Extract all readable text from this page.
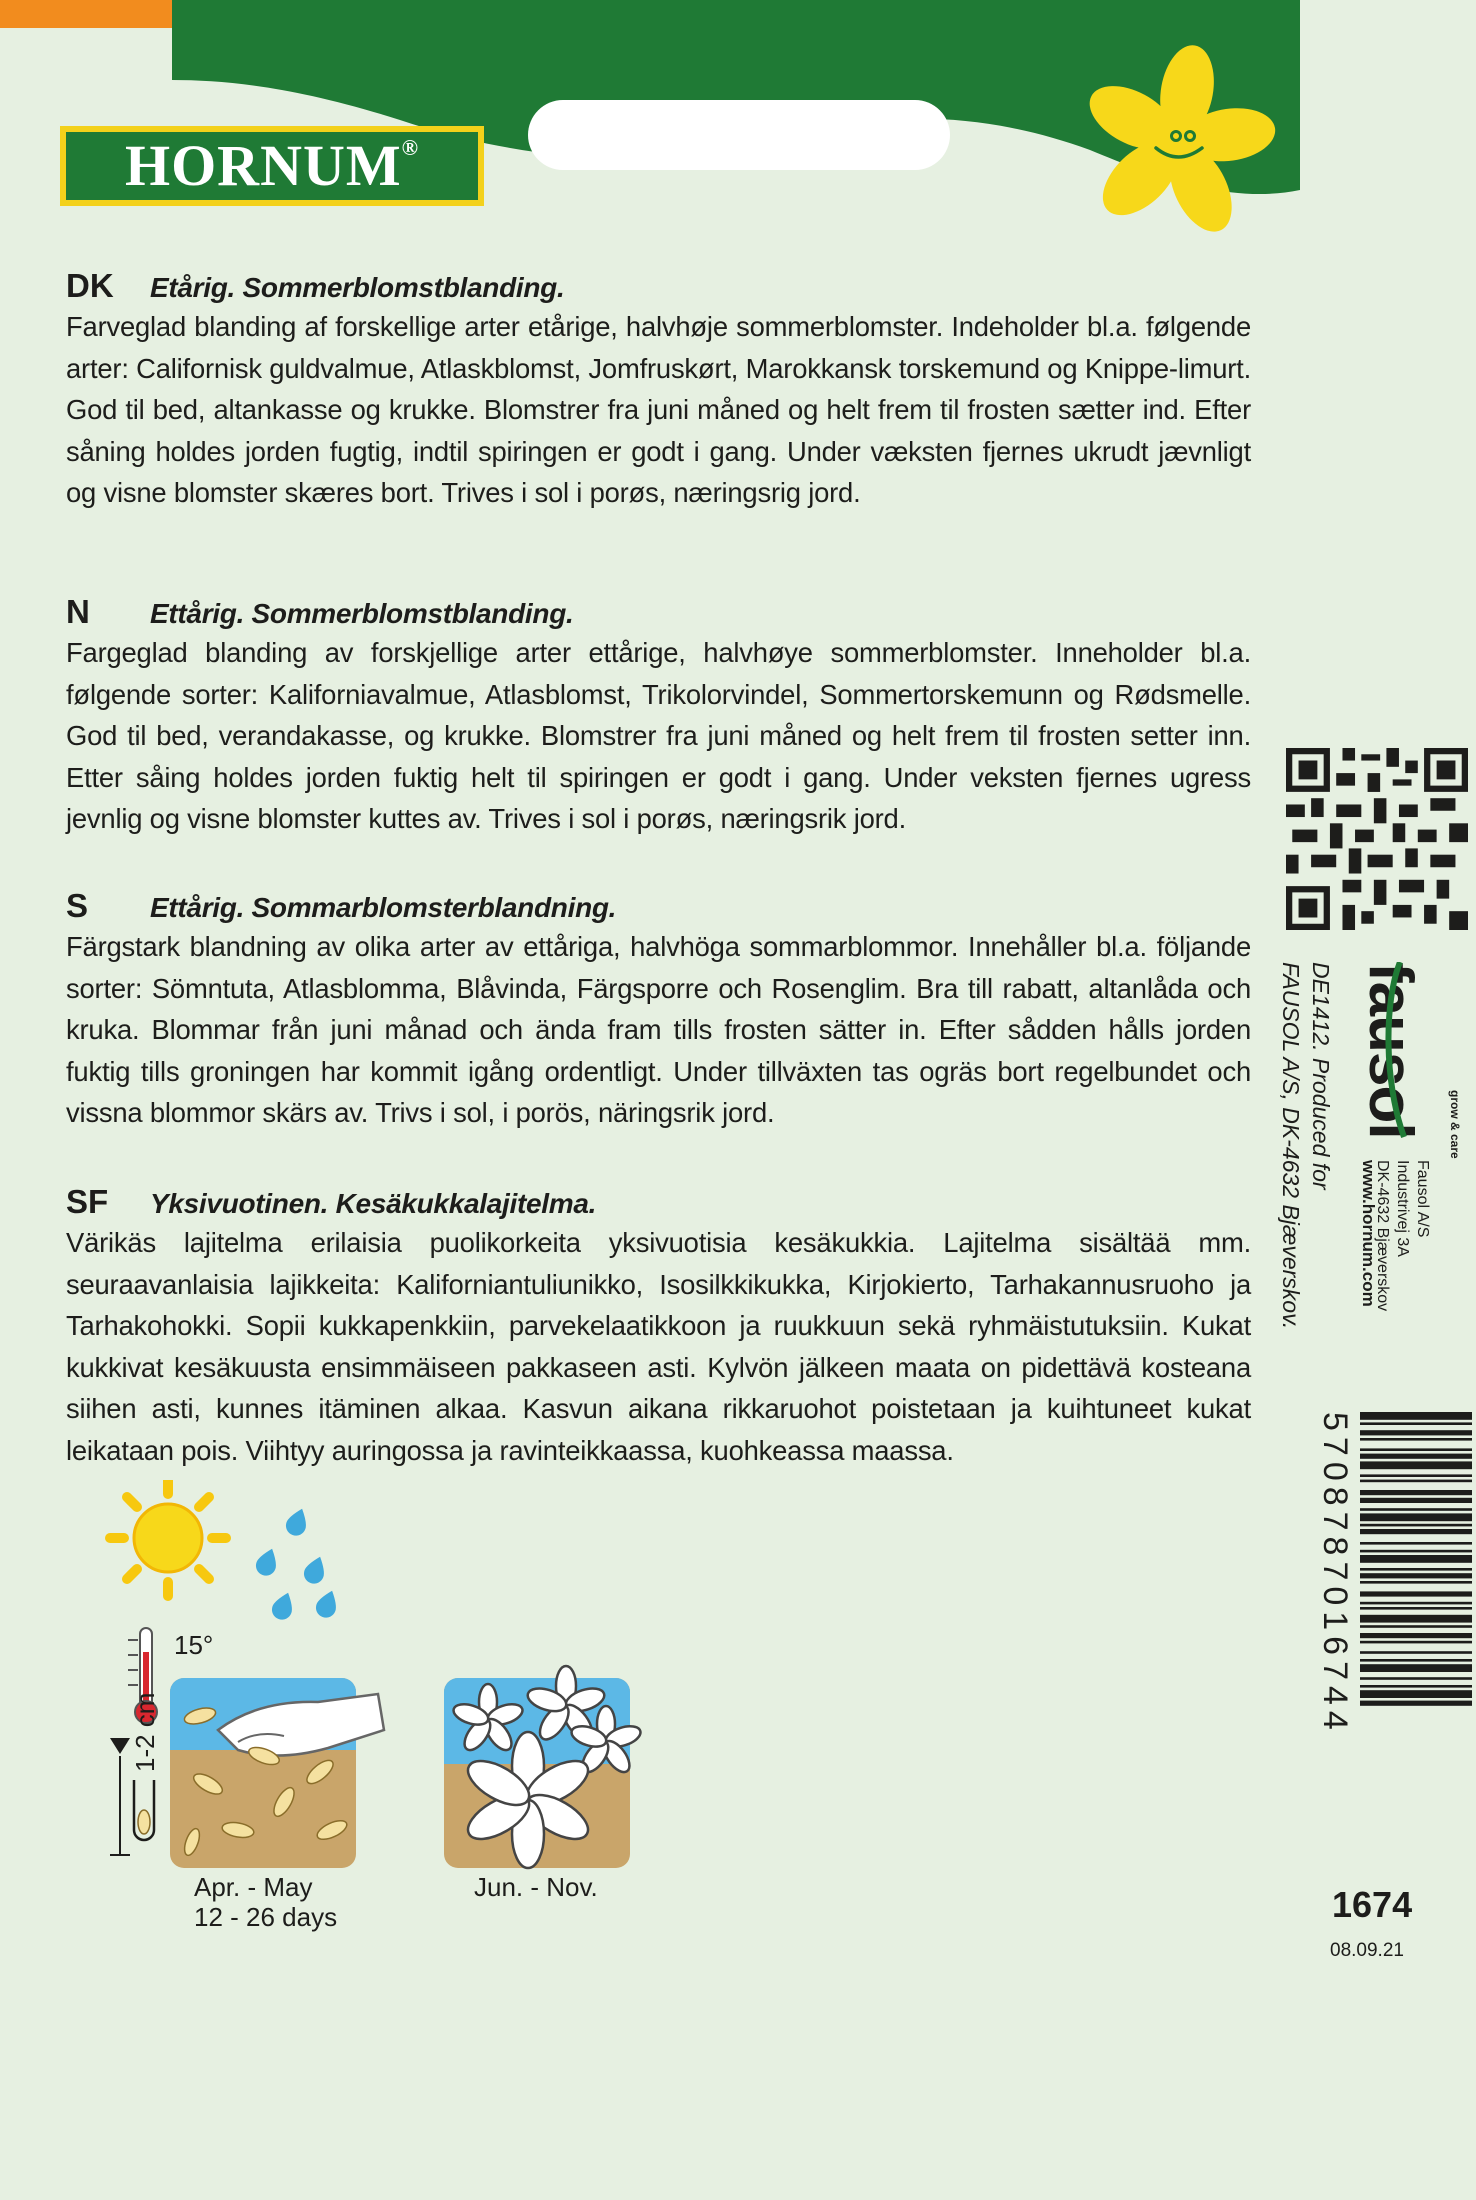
HORNUM®
DK	Etårig. Sommerblomstblanding.
Farveglad blanding af forskellige arter etårige, halvhøje sommerblomster. Indeholder bl.a. følgende arter: Californisk guldvalmue, Atlaskblomst, Jomfruskørt, Marokkansk torskemund og Knippe-limurt. God til bed, altankasse og krukke. Blomstrer fra juni måned og helt frem til frosten sætter ind. Efter såning holdes jorden fugtig, indtil spiringen er godt i gang. Under væksten fjernes ukrudt jævnligt og visne blomster skæres bort. Trives i sol i porøs, næringsrig jord.
N	Ettårig. Sommerblomstblanding.
Fargeglad blanding av forskjellige arter ettårige, halvhøye sommerblomster. Inneholder bl.a. følgende sorter: Kaliforniavalmue, Atlasblomst, Trikolorvindel, Sommertorskemunn og Rødsmelle. God til bed, verandakasse, og krukke. Blomstrer fra juni måned og helt frem til frosten setter inn. Etter såing holdes jorden fuktig helt til spiringen er godt i gang. Under veksten fjernes ugress jevnlig og visne blomster kuttes av. Trives i sol i porøs, næringsrik jord.
S	Ettårig. Sommarblomsterblandning.
Färgstark blandning av olika arter av ettåriga, halvhöga sommarblommor. Innehåller bl.a. följande sorter: Sömntuta, Atlasblomma, Blåvinda, Färgsporre och Rosenglim. Bra till rabatt, altanlåda och kruka. Blommar från juni månad och ända fram tills frosten sätter in. Efter sådden hålls jorden fuktig tills groningen har kommit igång ordentligt. Under tillväxten tas ogräs bort regelbundet och vissna blommor skärs av. Trivs i sol, i porös, näringsrik jord.
SF	Yksivuotinen. Kesäkukkalajitelma.
Värikäs lajitelma erilaisia puolikorkeita yksivuotisia kesäkukkia. Lajitelma sisältää mm. seuraavanlaisia lajikkeita: Kaliforniantuliunikko, Isosilkkikukka, Kirjokierto, Tarhakannusruoho ja Tarhakohokki. Sopii kukkapenkkiin, parvekelaatikkoon ja ruukkuun sekä ryhmäistutuksiin. Kukat kukkivat kesäkuusta ensimmäiseen pakkaseen asti. Kylvön jälkeen maata on pidettävä kosteana siihen asti, kunnes itäminen alkaa. Kasvun aikana rikkaruohot poistetaan ja kuihtuneet kukat leikataan pois. Viihtyy auringossa ja ravinteikkaassa, kuohkeassa maassa.
15°
1-2 cm
Apr. - May
12 - 26 days
Jun. - Nov.
DE1412. Produced for
FAUSOL A/S, DK-4632 Bjæverskov. fausol grow & care
Fausol A/S
Industrivej 3A
DK-4632 Bjæverskov
www.hornum.com
5708787016744
1674
08.09.21
